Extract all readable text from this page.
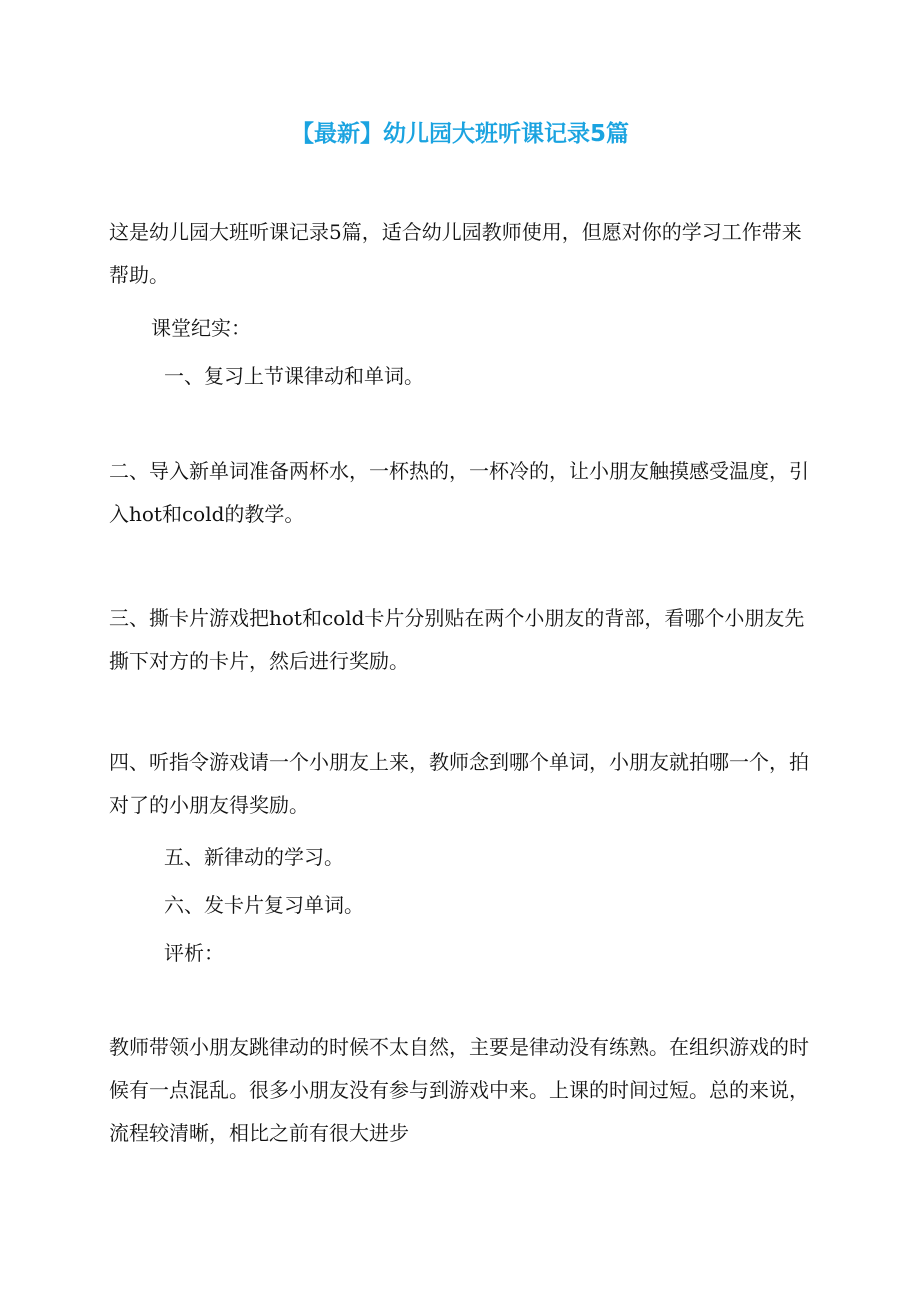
【最新】幼儿园大班听课记录5篇

这是幼儿园大班听课记录5篇，适合幼儿园教师使用，但愿对你的学习工作带来帮助。

课堂纪实：

一、复习上节课律动和单词。

二、导入新单词准备两杯水，一杯热的，一杯冷的，让小朋友触摸感受温度，引入hot和cold的教学。

三、撕卡片游戏把hot和cold卡片分别贴在两个小朋友的背部，看哪个小朋友先撕下对方的卡片，然后进行奖励。

四、听指令游戏请一个小朋友上来，教师念到哪个单词，小朋友就拍哪一个，拍对了的小朋友得奖励。

五、新律动的学习。

六、发卡片复习单词。

评析：

教师带领小朋友跳律动的时候不太自然，主要是律动没有练熟。在组织游戏的时候有一点混乱。很多小朋友没有参与到游戏中来。上课的时间过短。总的来说，流程较清晰，相比之前有很大进步
